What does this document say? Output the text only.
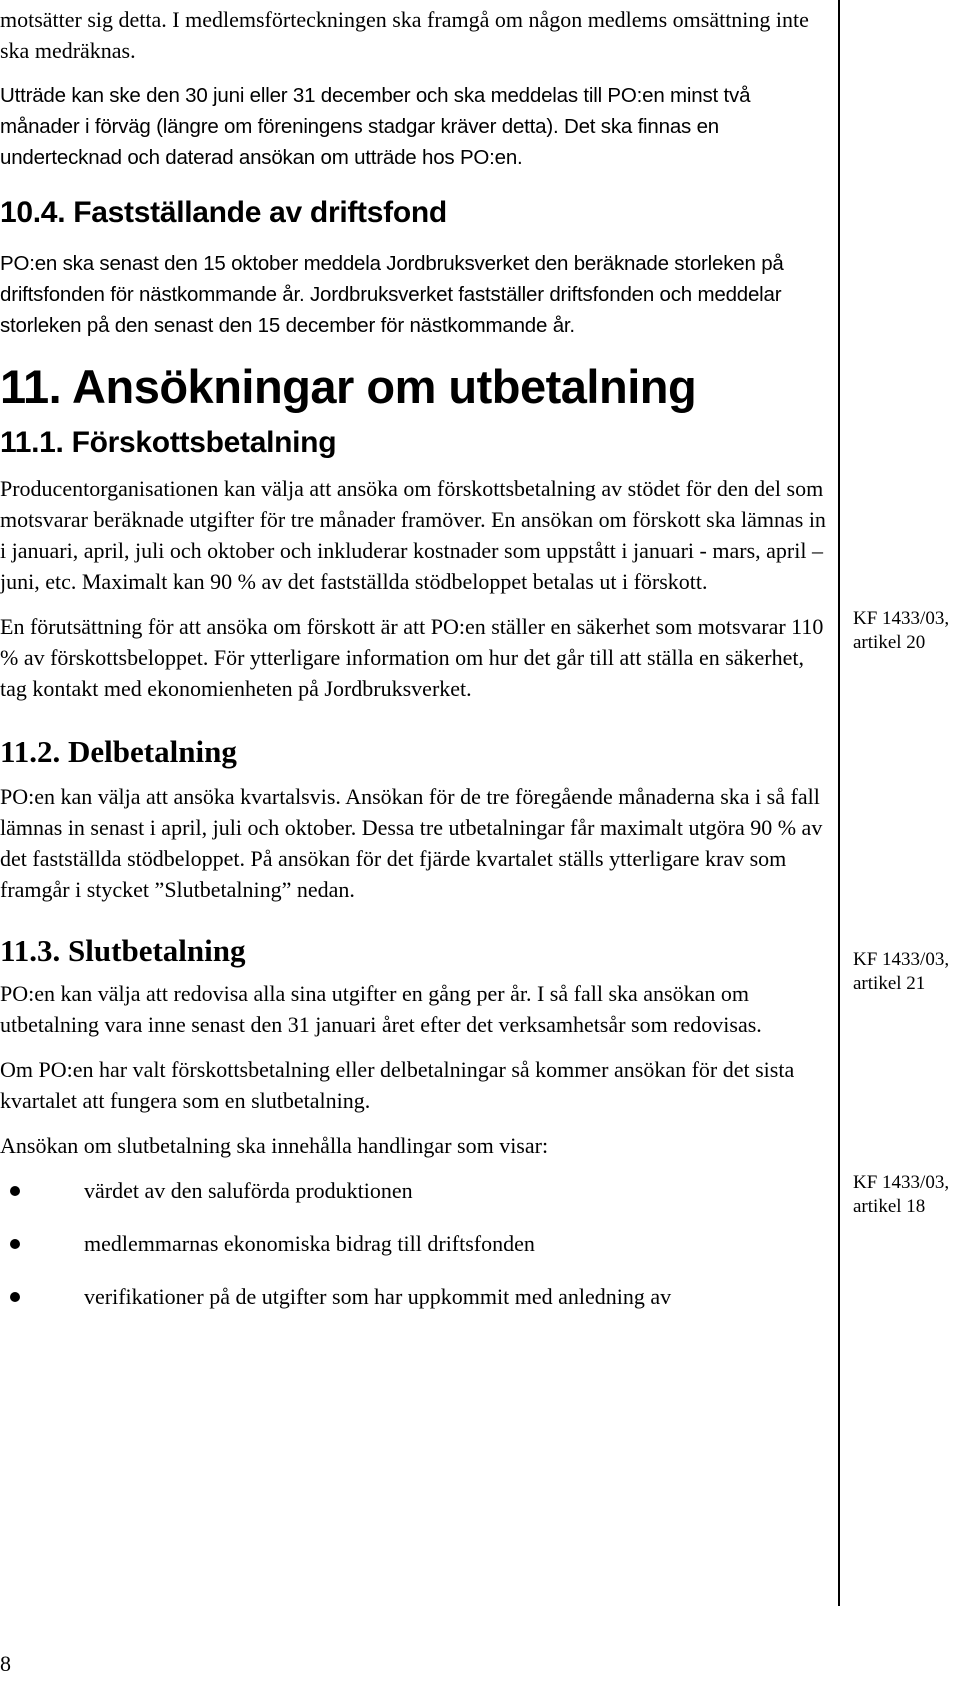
motsätter sig detta. I medlemsförteckningen ska framgå om någon medlems omsättning inte ska medräknas.

Utträde kan ske den 30 juni eller 31 december och ska meddelas till PO:en minst två månader i förväg (längre om föreningens stadgar kräver detta). Det ska finnas en undertecknad och daterad ansökan om utträde hos PO:en.

10.4. Fastställande av driftsfond

PO:en ska senast den 15 oktober meddela Jordbruksverket den beräknade storleken på driftsfonden för nästkommande år. Jordbruksverket fastställer driftsfonden och meddelar storleken på den senast den 15 december för nästkommande år.

11. Ansökningar om utbetalning
11.1. Förskottsbetalning

Producentorganisationen kan välja att ansöka om förskottsbetalning av stödet för den del som motsvarar beräknade utgifter för tre månader framöver. En ansökan om förskott ska lämnas in i januari, april, juli och oktober och inkluderar kostnader som uppstått i januari - mars, april – juni, etc. Maximalt kan 90 % av det fastställda stödbeloppet betalas ut i förskott.

En förutsättning för att ansöka om förskott är att PO:en ställer en säkerhet som motsvarar 110 % av förskottsbeloppet. För ytterligare information om hur det går till att ställa en säkerhet, tag kontakt med ekonomienheten på Jordbruksverket.

11.2. Delbetalning

PO:en kan välja att ansöka kvartalsvis. Ansökan för de tre föregående månaderna ska i så fall lämnas in senast i april, juli och oktober. Dessa tre utbetalningar får maximalt utgöra 90 % av det fastställda stödbeloppet. På ansökan för det fjärde kvartalet ställs ytterligare krav som framgår i stycket ”Slutbetalning” nedan.

11.3. Slutbetalning

PO:en kan välja att redovisa alla sina utgifter en gång per år. I så fall ska ansökan om utbetalning vara inne senast den 31 januari året efter det verksamhetsår som redovisas.

Om PO:en har valt förskottsbetalning eller delbetalningar så kommer ansökan för det sista kvartalet att fungera som en slutbetalning.

Ansökan om slutbetalning ska innehålla handlingar som visar:

värdet av den saluförda produktionen
medlemmarnas ekonomiska bidrag till driftsfonden
verifikationer på de utgifter som har uppkommit med anledning av
KF 1433/03, artikel 20
KF 1433/03, artikel 21
KF 1433/03, artikel 18
8
